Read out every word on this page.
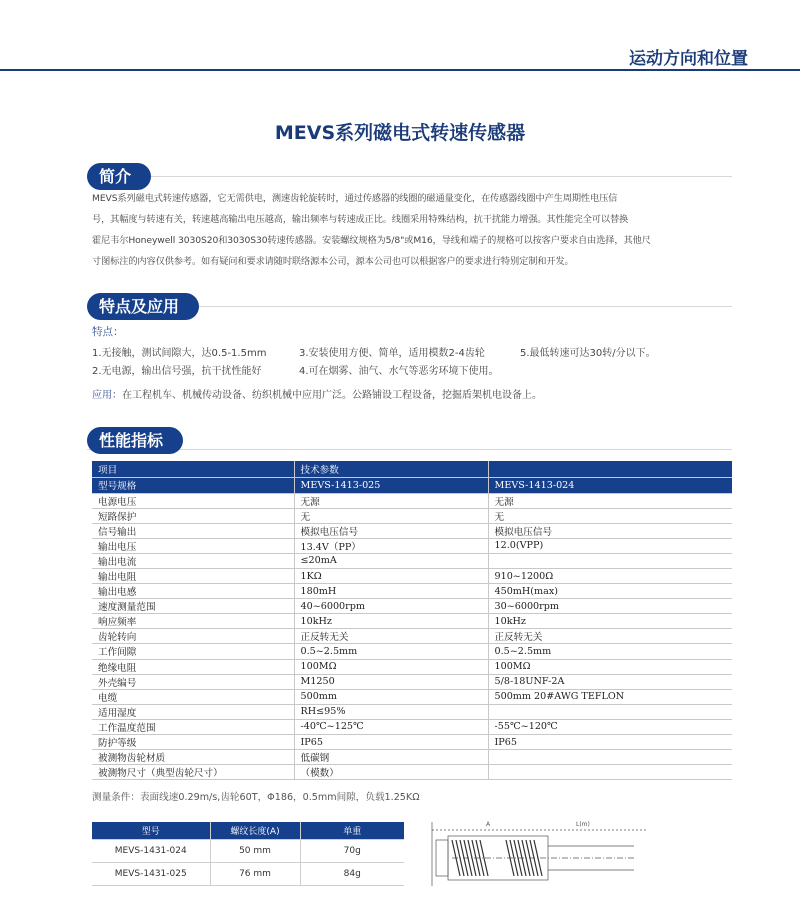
运动方向和位置
MEVS系列磁电式转速传感器
简介
MEVS系列磁电式转速传感器，它无需供电，测速齿轮旋转时，通过传感器的线圈的磁通量变化，在传感器线圈中产生周期性电压信
号，其幅度与转速有关，转速越高输出电压越高，输出频率与转速成正比。线圈采用特殊结构，抗干扰能力增强。其性能完全可以替换
霍尼韦尔Honeywell 3030S20和3030S30转速传感器。安装螺纹规格为5/8"或M16，导线和端子的规格可以按客户要求自由选择，其他尺
寸图标注的内容仅供参考。如有疑问和要求请随时联络源本公司，源本公司也可以根据客户的要求进行特别定制和开发。
特点及应用
特点：
1.无接触，测试间隙大，达0.5-1.5mm	3.安装使用方便、简单，适用模数2-4齿轮	5.最低转速可达30转/分以下。
2.无电源，输出信号强，抗干扰性能好	4.可在烟雾、油气、水气等恶劣环境下使用。
应用：在工程机车、机械传动设备、纺织机械中应用广泛。公路铺设工程设备，挖掘盾架机电设备上。
性能指标
项目	技术参数	
型号规格	MEVS-1413-025	MEVS-1413-024
电源电压	无源	无源
短路保护	无	无
信号输出	模拟电压信号	模拟电压信号
输出电压	13.4V（PP）	12.0(VPP)
输出电流	≤20mA	
输出电阻	1KΩ	910~1200Ω
输出电感	180mH	450mH(max)
速度测量范围	40~6000rpm	30~6000rpm
响应频率	10kHz	10kHz
齿轮转向	正反转无关	正反转无关
工作间隙	0.5~2.5mm	0.5~2.5mm
绝缘电阻	100MΩ	100MΩ
外壳编号	M1250	5/8-18UNF-2A
电缆	500mm	500mm 20#AWG TEFLON
适用湿度	RH≤95%	
工作温度范围	-40℃~125℃	-55℃~120℃
防护等级	IP65	IP65
被测物齿轮材质	低碳钢	
被测物尺寸（典型齿轮尺寸）	（模数）	
测量条件：表面线速0.29m/s,齿轮60T，Φ186，0.5mm间隙，负载1.25KΩ
型号	螺纹长度(A)	单重
MEVS-1431-024	50 mm	70g
MEVS-1431-025	76 mm	84g
A	L(m)
